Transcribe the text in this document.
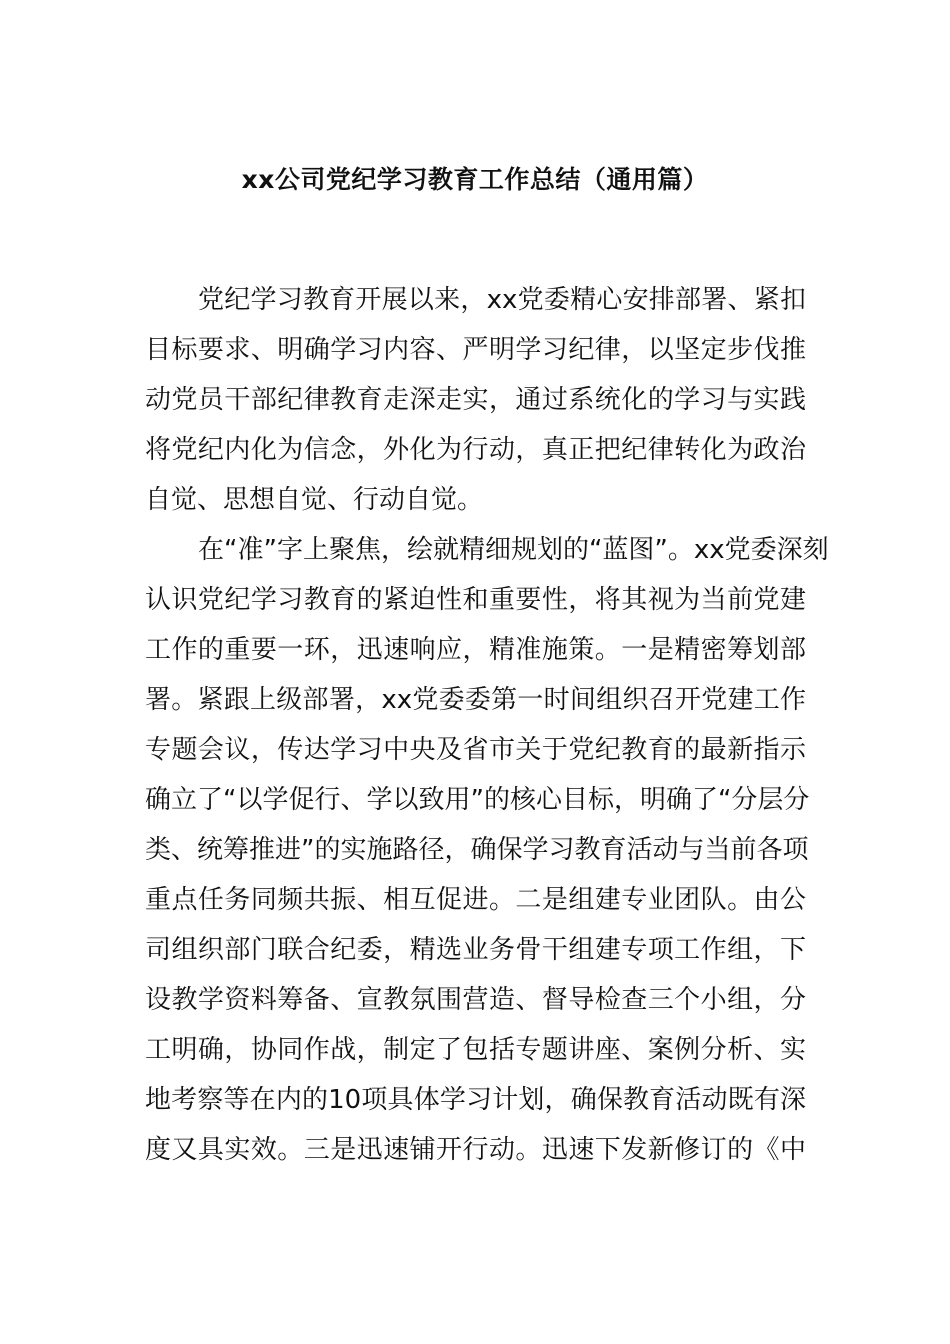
xx公司党纪学习教育工作总结（通用篇）
党纪学习教育开展以来，xx党委精心安排部署、紧扣
目标要求、明确学习内容、严明学习纪律，以坚定步伐推
动党员干部纪律教育走深走实，通过系统化的学习与实践
将党纪内化为信念，外化为行动，真正把纪律转化为政治
自觉、思想自觉、行动自觉。
在“准”字上聚焦，绘就精细规划的“蓝图”。xx党委深刻
认识党纪学习教育的紧迫性和重要性，将其视为当前党建
工作的重要一环，迅速响应，精准施策。一是精密筹划部
署。紧跟上级部署，xx党委委第一时间组织召开党建工作
专题会议，传达学习中央及省市关于党纪教育的最新指示
确立了“以学促行、学以致用”的核心目标，明确了“分层分
类、统筹推进”的实施路径，确保学习教育活动与当前各项
重点任务同频共振、相互促进。二是组建专业团队。由公
司组织部门联合纪委，精选业务骨干组建专项工作组，下
设教学资料筹备、宣教氛围营造、督导检查三个小组，分
工明确，协同作战，制定了包括专题讲座、案例分析、实
地考察等在内的10项具体学习计划，确保教育活动既有深
度又具实效。三是迅速铺开行动。迅速下发新修订的《中
